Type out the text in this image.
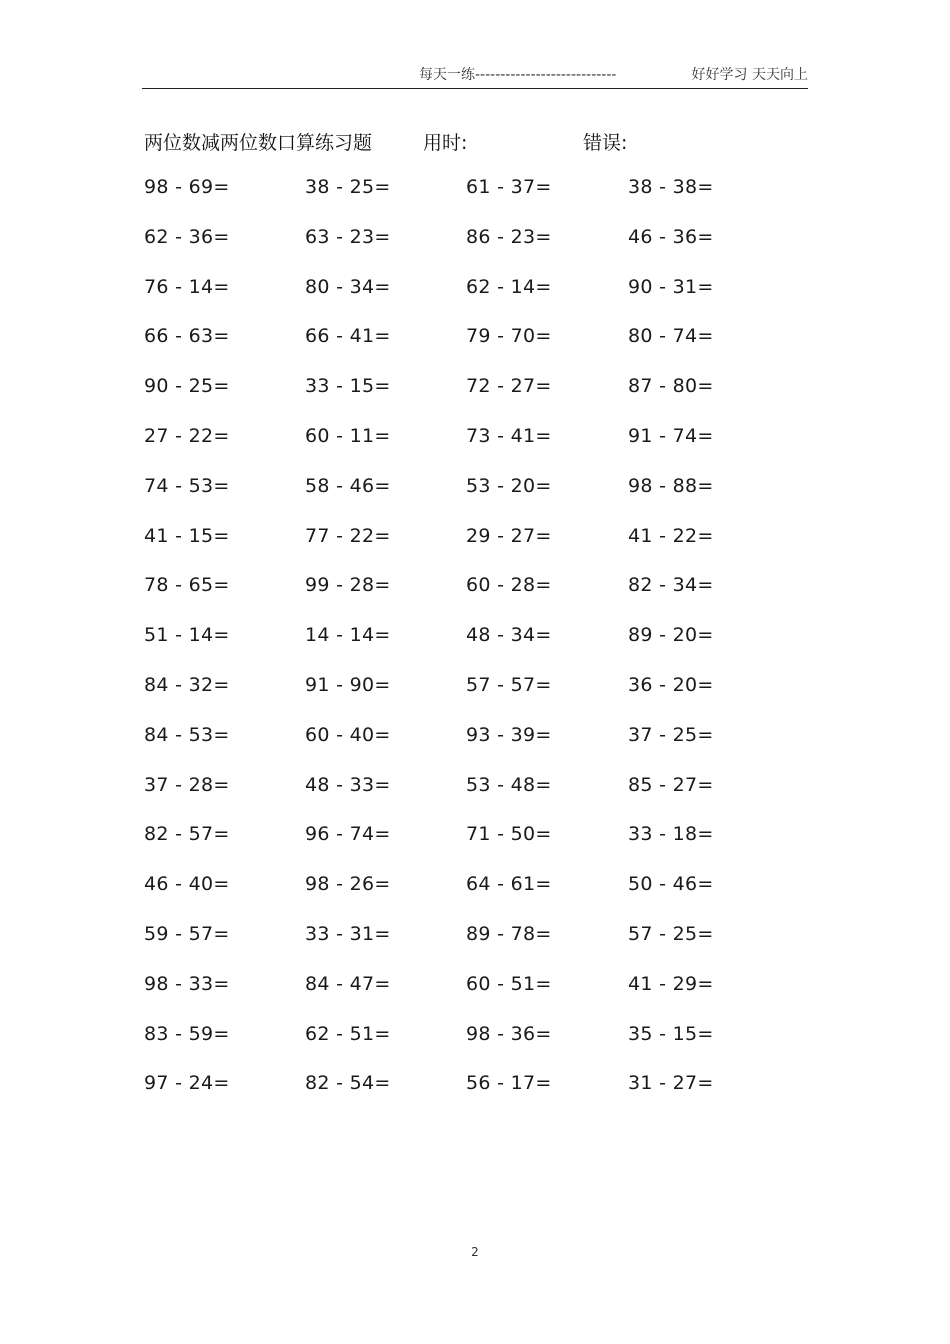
每天一练----------------------------	好好学习 天天向上
两位数减两位数口算练习题	用时:	错误:
98 - 69=	38 - 25=	61 - 37=	38 - 38=
62 - 36=	63 - 23=	86 - 23=	46 - 36=
76 - 14=	80 - 34=	62 - 14=	90 - 31=
66 - 63=	66 - 41=	79 - 70=	80 - 74=
90 - 25=	33 - 15=	72 - 27=	87 - 80=
27 - 22=	60 - 11=	73 - 41=	91 - 74=
74 - 53=	58 - 46=	53 - 20=	98 - 88=
41 - 15=	77 - 22=	29 - 27=	41 - 22=
78 - 65=	99 - 28=	60 - 28=	82 - 34=
51 - 14=	14 - 14=	48 - 34=	89 - 20=
84 - 32=	91 - 90=	57 - 57=	36 - 20=
84 - 53=	60 - 40=	93 - 39=	37 - 25=
37 - 28=	48 - 33=	53 - 48=	85 - 27=
82 - 57=	96 - 74=	71 - 50=	33 - 18=
46 - 40=	98 - 26=	64 - 61=	50 - 46=
59 - 57=	33 - 31=	89 - 78=	57 - 25=
98 - 33=	84 - 47=	60 - 51=	41 - 29=
83 - 59=	62 - 51=	98 - 36=	35 - 15=
97 - 24=	82 - 54=	56 - 17=	31 - 27=
2
